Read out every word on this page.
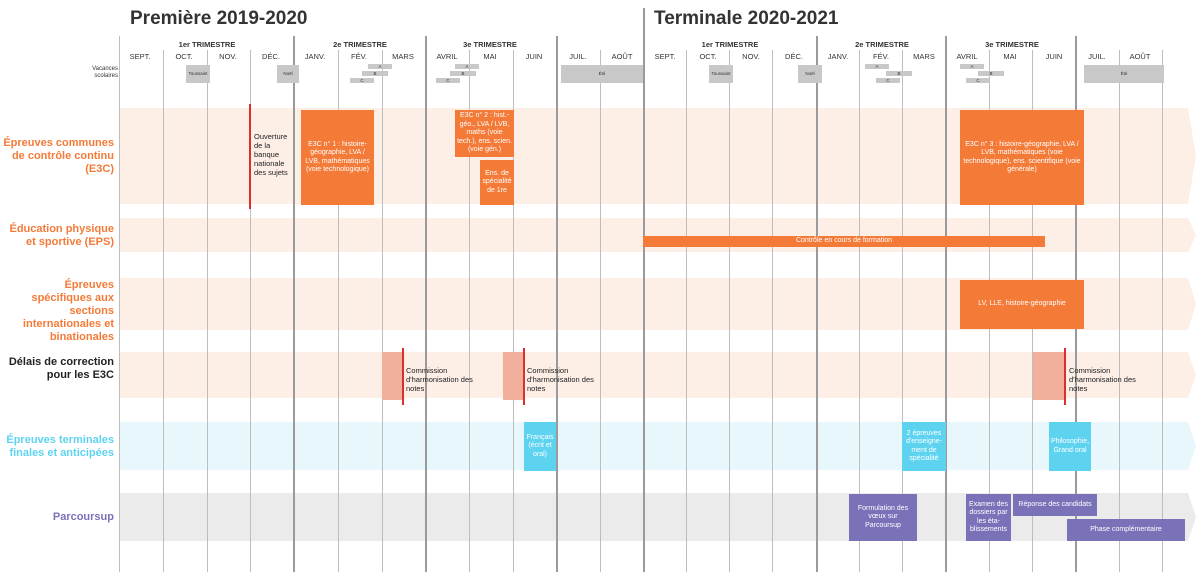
Première 2019-2020	Terminale 2020-2021
1er TRIMESTRE	2e TRIMESTRE	3e TRIMESTRE	1er TRIMESTRE	2e TRIMESTRE	3e TRIMESTRE
SEPT.	OCT.	NOV.	DÉC.	JANV.	FÉV.	MARS	AVRIL	MAI	JUIN	JUIL.	AOÛT	SEPT.	OCT.	NOV.	DÉC.	JANV.	FÉV.	MARS	AVRIL	MAI	JUIN	JUIL.	AOÛT
Vacances scolaires	Toussaint	Noël
A
B
C
A
B
C
Été	Toussaint	Noël
A
B
C
A
B
C
Été
Épreuves communes de contrôle continu (E3C)
Éducation physique et sportive (EPS)
Épreuves spécifiques aux sections internationales et binationales
Délais de correction pour les E3C
Épreuves terminales finales et anticipées
Parcoursup
Ouverture de la banque nationale des sujets
E3C n° 1 : histoire-géographie, LVA / LVB, mathématiques (voie technologique)
E3C n° 2 : hist.-géo., LVA / LVB, maths (voie tech.), ens. scien. (voie gén.)
Ens. de spécialité de 1re
E3C n° 3 : histoire-géographie, LVA / LVB, mathématiques (voie technologique), ens. scientifique (voie générale)
Contrôle en cours de formation
LV, LLE, histoire-géographie
Commission d'harmonisation des notes
Commission d'harmonisation des notes
Commission d'harmonisation des notes
Français (écrit et oral)
2 épreuves d'enseigne-ment de spécialité
Philosophie, Grand oral
Formulation des vœux sur Parcoursup
Examen des dossiers par les éta-blissements
Réponse des candidats
Phase complémentaire
